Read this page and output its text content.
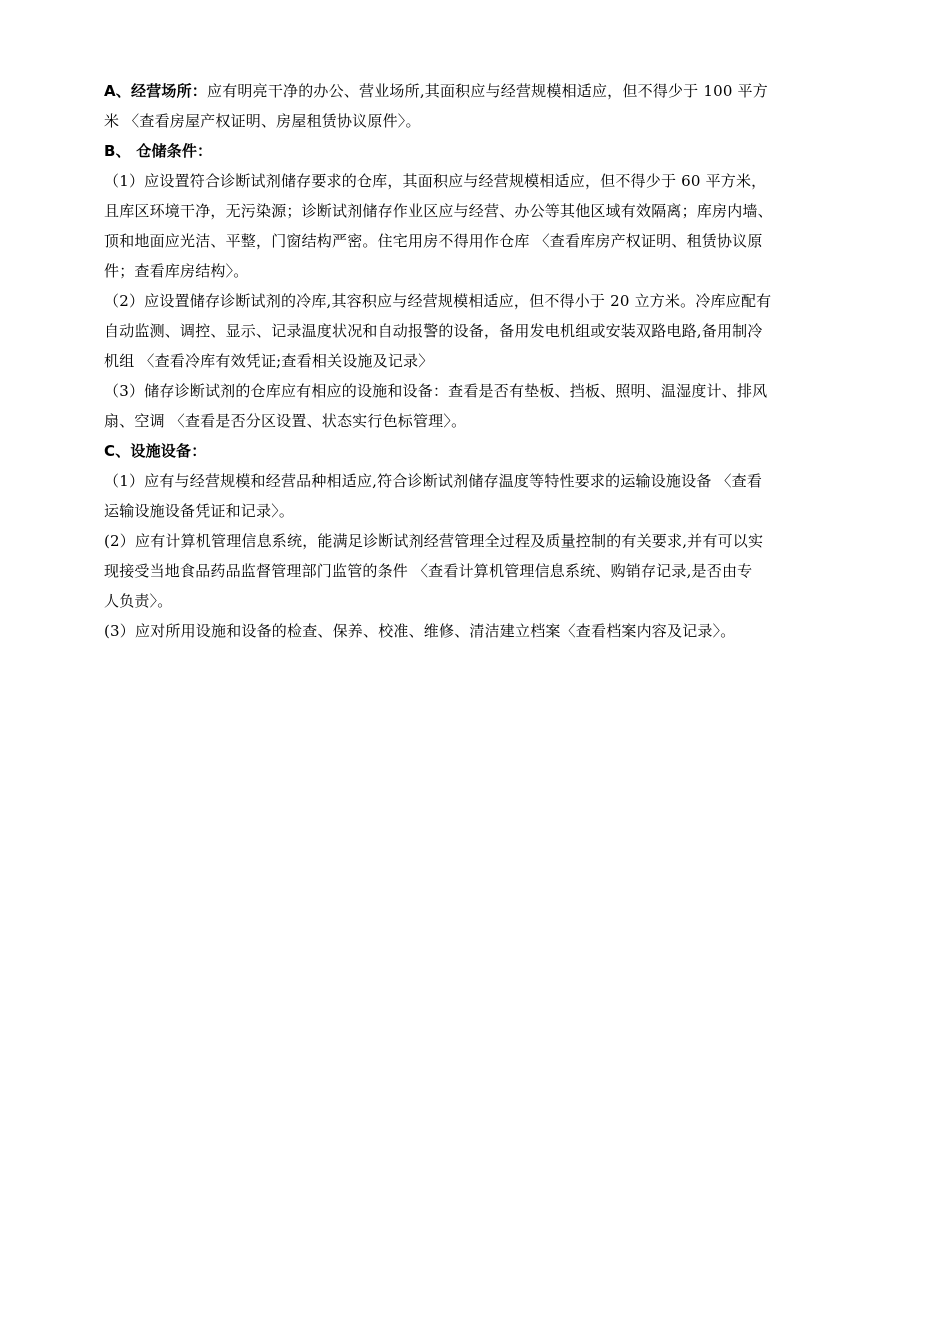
A、经营场所：应有明亮干净的办公、营业场所,其面积应与经营规模相适应，但不得少于 100 平方
米 〈查看房屋产权证明、房屋租赁协议原件〉。
B、 仓储条件：
（1）应设置符合诊断试剂储存要求的仓库，其面积应与经营规模相适应，但不得少于 60 平方米，
且库区环境干净，无污染源；诊断试剂储存作业区应与经营、办公等其他区域有效隔离；库房内墙、
顶和地面应光洁、平整，门窗结构严密。住宅用房不得用作仓库 〈查看库房产权证明、租赁协议原
件；查看库房结构〉。
（2）应设置储存诊断试剂的冷库,其容积应与经营规模相适应，但不得小于 20 立方米。冷库应配有
自动监测、调控、显示、记录温度状况和自动报警的设备，备用发电机组或安装双路电路,备用制冷
机组 〈查看冷库有效凭证;查看相关设施及记录〉
（3）储存诊断试剂的仓库应有相应的设施和设备：查看是否有垫板、挡板、照明、温湿度计、排风
扇、空调 〈查看是否分区设置、状态实行色标管理〉。
C、设施设备：
（1）应有与经营规模和经营品种相适应,符合诊断试剂储存温度等特性要求的运输设施设备 〈查看
运输设施设备凭证和记录〉。
(2）应有计算机管理信息系统，能满足诊断试剂经营管理全过程及质量控制的有关要求,并有可以实
现接受当地食品药品监督管理部门监管的条件 〈查看计算机管理信息系统、购销存记录,是否由专
人负责〉。
(3）应对所用设施和设备的检查、保养、校准、维修、清洁建立档案〈查看档案内容及记录〉。
